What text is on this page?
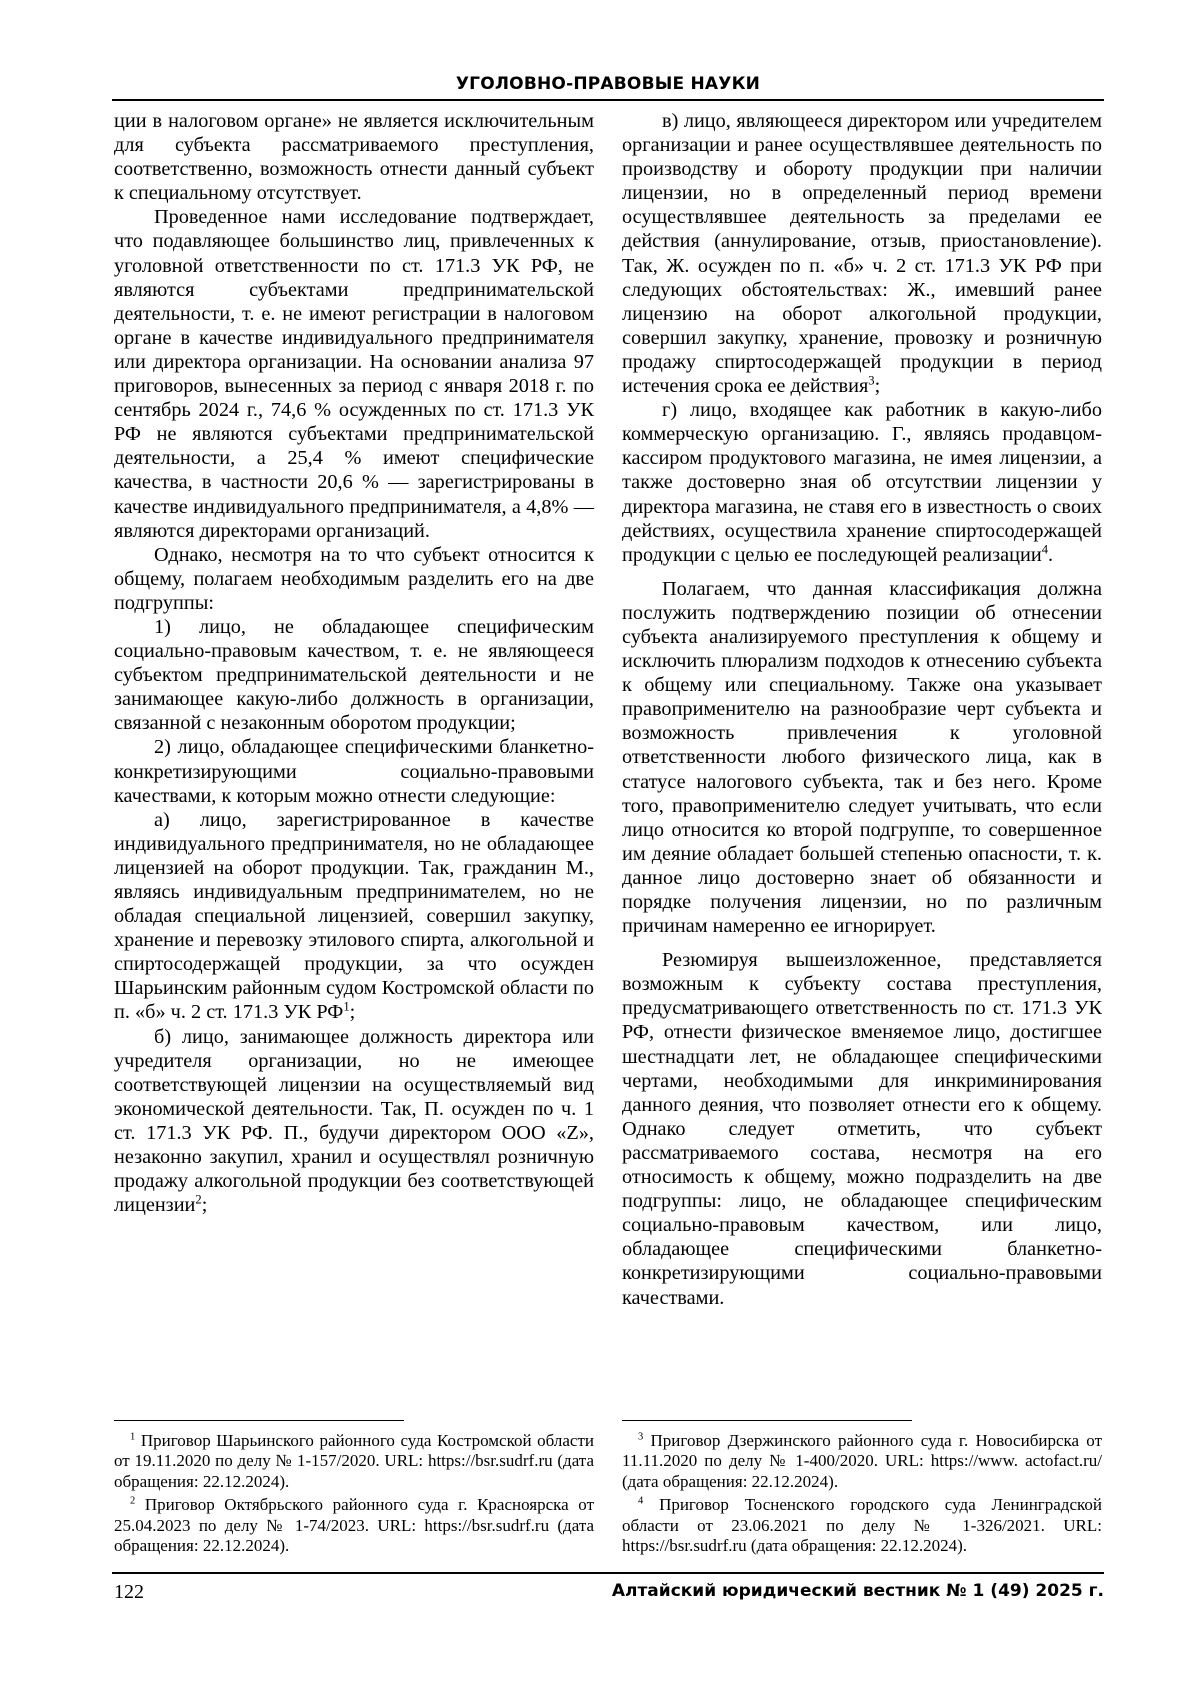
УГОЛОВНО-ПРАВОВЫЕ НАУКИ

ции в налоговом органе» не является исключительным для субъекта рассматриваемого преступления, соответственно, возможность отнести данный субъект к специальному отсутствует.

Проведенное нами исследование подтверждает, что подавляющее большинство лиц, привлеченных к уголовной ответственности по ст. 171.3 УК РФ, не являются субъектами предпринимательской деятельности, т. е. не имеют регистрации в налоговом органе в качестве индивидуального предпринимателя или директора организации. На основании анализа 97 приговоров, вынесенных за период с января 2018 г. по сентябрь 2024 г., 74,6 % осужденных по ст. 171.3 УК РФ не являются субъектами предпринимательской деятельности, а 25,4 % имеют специфические качества, в частности 20,6 % — зарегистрированы в качестве индивидуального предпринимателя, а 4,8% — являются директорами организаций.

Однако, несмотря на то что субъект относится к общему, полагаем необходимым разделить его на две подгруппы:

1) лицо, не обладающее специфическим социально-правовым качеством, т. е. не являющееся субъектом предпринимательской деятельности и не занимающее какую-либо должность в организации, связанной с незаконным оборотом продукции;

2) лицо, обладающее специфическими бланкетно-конкретизирующими социально-правовыми качествами, к которым можно отнести следующие:

а) лицо, зарегистрированное в качестве индивидуального предпринимателя, но не обладающее лицензией на оборот продукции. Так, гражданин М., являясь индивидуальным предпринимателем, но не обладая специальной лицензией, совершил закупку, хранение и перевозку этилового спирта, алкогольной и спиртосодержащей продукции, за что осужден Шарьинским районным судом Костромской области по п. «б» ч. 2 ст. 171.3 УК $РФ^1$;

б) лицо, занимающее должность директора или учредителя организации, но не имеющее соответствующей лицензии на осуществляемый вид экономической деятельности. Так, П. осужден по ч. 1 ст. 171.3 УК РФ. П., будучи директором ООО «Z», незаконно закупил, хранил и осуществлял розничную продажу алкогольной продукции без соответствующей лицензии$^2$;

в) лицо, являющееся директором или учредителем организации и ранее осуществлявшее деятельность по производству и обороту продукции при наличии лицензии, но в определенный период времени осуществлявшее деятельность за пределами ее действия (аннулирование, отзыв, приостановление). Так, Ж. осужден по п. «б» ч. 2 ст. 171.3 УК РФ при следующих обстоятельствах: Ж., имевший ранее лицензию на оборот алкогольной продукции, совершил закупку, хранение, провозку и розничную продажу спиртосодержащей продукции в период истечения срока ее действия$^3$;

г) лицо, входящее как работник в какую-либо коммерческую организацию. Г., являясь продавцом-кассиром продуктового магазина, не имея лицензии, а также достоверно зная об отсутствии лицензии у директора магазина, не ставя его в известность о своих действиях, осуществила хранение спиртосодержащей продукции с целью ее последующей реализации$^4$.

Полагаем, что данная классификация должна послужить подтверждению позиции об отнесении субъекта анализируемого преступления к общему и исключить плюрализм подходов к отнесению субъекта к общему или специальному. Также она указывает правоприменителю на разнообразие черт субъекта и возможность привлечения к уголовной ответственности любого физического лица, как в статусе налогового субъекта, так и без него. Кроме того, правоприменителю следует учитывать, что если лицо относится ко второй подгруппе, то совершенное им деяние обладает большей степенью опасности, т. к. данное лицо достоверно знает об обязанности и порядке получения лицензии, но по различным причинам намеренно ее игнорирует.

Резюмируя вышеизложенное, представляется возможным к субъекту состава преступления, предусматривающего ответственность по ст. 171.3 УК РФ, отнести физическое вменяемое лицо, достигшее шестнадцати лет, не обладающее специфическими чертами, необходимыми для инкриминирования данного деяния, что позволяет отнести его к общему. Однако следует отметить, что субъект рассматриваемого состава, несмотря на его относимость к общему, можно подразделить на две подгруппы: лицо, не обладающее специфическим социально-правовым качеством, или лицо, обладающее специфическими бланкетно-конкретизирующими социально-правовыми качествами.

$^1$ Приговор Шарьинского районного суда Костромской области от 19.11.2020 по делу № 1-157/2020. URL: https://bsr.sudrf.ru (дата обращения: 22.12.2024).

$^2$ Приговор Октябрьского районного суда г. Красноярска от 25.04.2023 по делу № 1-74/2023. URL: https://bsr.sudrf.ru (дата обращения: 22.12.2024).

$^3$ Приговор Дзержинского районного суда г. Новосибирска от 11.11.2020 по делу № 1-400/2020. URL: https://www. actofact.ru/ (дата обращения: 22.12.2024).

$^4$ Приговор Тосненского городского суда Ленинградской области от 23.06.2021 по делу № 1-326/2021. URL: https://bsr.sudrf.ru (дата обращения: 22.12.2024).

122	Алтайский юридический вестник № 1 (49) 2025 г.
